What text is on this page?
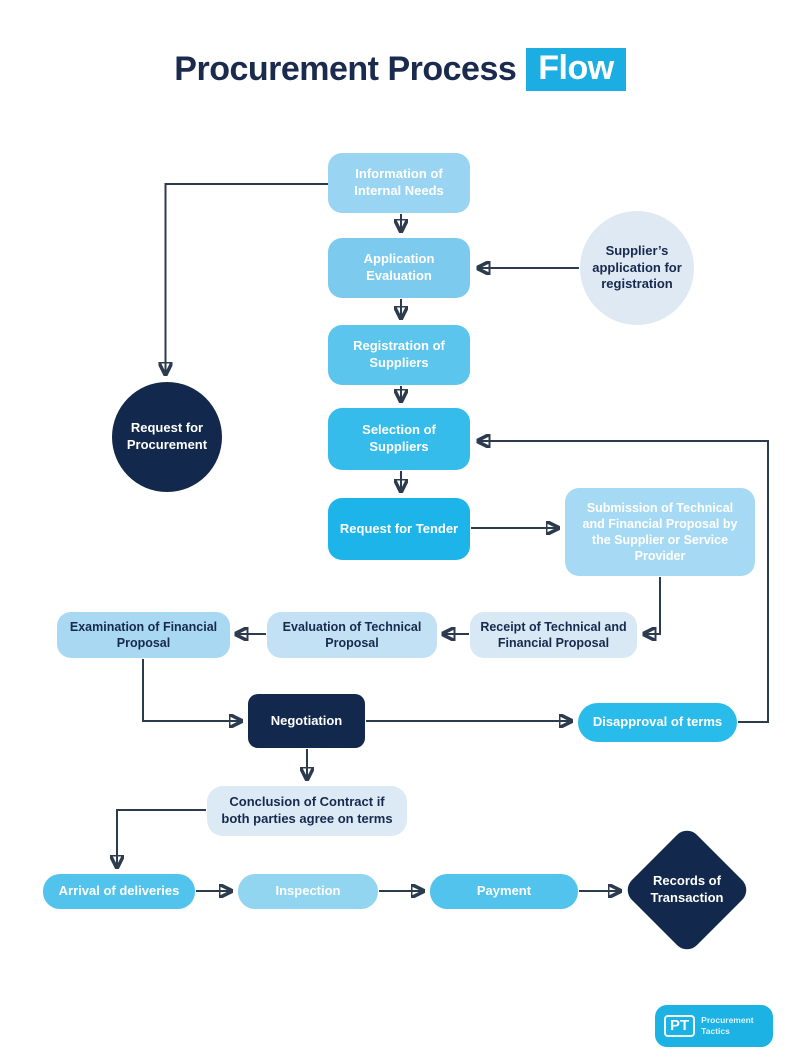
Procurement Process Flow
Information of Internal Needs
Application Evaluation
Supplier’s application for registration
Registration of Suppliers
Request for Procurement
Selection of Suppliers
Request for Tender
Submission of Technical and Financial Proposal by the Supplier or Service Provider
Receipt of Technical and Financial Proposal
Evaluation of Technical Proposal
Examination of Financial Proposal
Negotiation	Disapproval of terms
Conclusion of Contract if both parties agree on terms
Arrival of deliveries	Inspection	Payment
Records of Transaction
PT	Procurement
Tactics
